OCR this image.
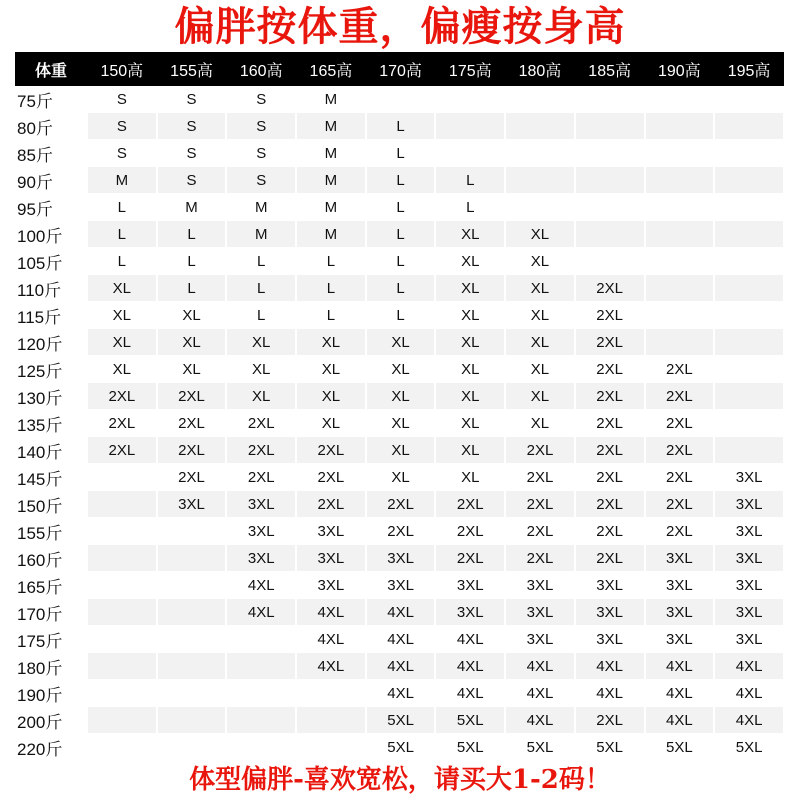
偏胖按体重，偏瘦按身高
体重	150高	155高	160高	165高	170高	175高	180高	185高	190高	195高
75斤	S	S	S	M						
80斤	S	S	S	M	L					
85斤	S	S	S	M	L					
90斤	M	S	S	M	L	L				
95斤	L	M	M	M	L	L				
100斤	L	L	M	M	L	XL	XL			
105斤	L	L	L	L	L	XL	XL			
110斤	XL	L	L	L	L	XL	XL	2XL		
115斤	XL	XL	L	L	L	XL	XL	2XL		
120斤	XL	XL	XL	XL	XL	XL	XL	2XL		
125斤	XL	XL	XL	XL	XL	XL	XL	2XL	2XL	
130斤	2XL	2XL	XL	XL	XL	XL	XL	2XL	2XL	
135斤	2XL	2XL	2XL	XL	XL	XL	XL	2XL	2XL	
140斤	2XL	2XL	2XL	2XL	XL	XL	2XL	2XL	2XL	
145斤		2XL	2XL	2XL	XL	XL	2XL	2XL	2XL	3XL
150斤		3XL	3XL	2XL	2XL	2XL	2XL	2XL	2XL	3XL
155斤			3XL	3XL	2XL	2XL	2XL	2XL	2XL	3XL
160斤			3XL	3XL	3XL	2XL	2XL	2XL	3XL	3XL
165斤			4XL	3XL	3XL	3XL	3XL	3XL	3XL	3XL
170斤			4XL	4XL	4XL	3XL	3XL	3XL	3XL	3XL
175斤				4XL	4XL	4XL	3XL	3XL	3XL	3XL
180斤				4XL	4XL	4XL	4XL	4XL	4XL	4XL
190斤					4XL	4XL	4XL	4XL	4XL	4XL
200斤					5XL	5XL	4XL	2XL	4XL	4XL
220斤					5XL	5XL	5XL	5XL	5XL	5XL
体型偏胖-喜欢宽松，请买大1-2码！
